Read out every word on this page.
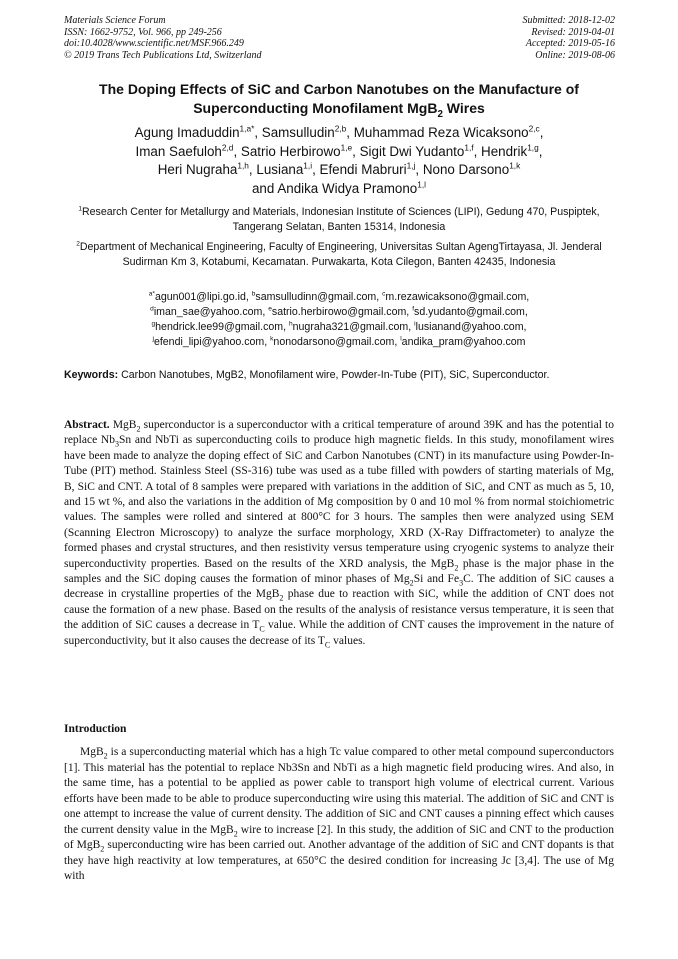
Materials Science Forum
ISSN: 1662-9752, Vol. 966, pp 249-256
doi:10.4028/www.scientific.net/MSF.966.249
© 2019 Trans Tech Publications Ltd, Switzerland
Submitted: 2018-12-02
Revised: 2019-04-01
Accepted: 2019-05-16
Online: 2019-08-06
The Doping Effects of SiC and Carbon Nanotubes on the Manufacture of
Superconducting Monofilament MgB$_2$ Wires
Agung Imaduddin$^{1,a*}$, Samsulludin$^{2,b}$, Muhammad Reza Wicaksono$^{2,c}$,
Iman Saefuloh$^{2,d}$, Satrio Herbirowo$^{1,e}$, Sigit Dwi Yudanto$^{1,f}$, Hendrik$^{1,g}$,
Heri Nugraha$^{1,h}$, Lusiana$^{1,i}$, Efendi Mabruri$^{1,j}$, Nono Darsono$^{1,k}$
and Andika Widya Pramono$^{1,l}$
$^1$Research Center for Metallurgy and Materials, Indonesian Institute of Sciences (LIPI), Gedung 470, Puspiptek, Tangerang Selatan, Banten 15314, Indonesia
$^2$Department of Mechanical Engineering, Faculty of Engineering, Universitas Sultan AgengTirtayasa, Jl. Jenderal Sudirman Km 3, Kotabumi, Kecamatan. Purwakarta, Kota Cilegon, Banten 42435, Indonesia
$^{a*}$agun001@lipi.go.id, $^b$samsulludinn@gmail.com, $^c$m.rezawicaksono@gmail.com,
$^d$iman_sae@yahoo.com, $^e$satrio.herbirowo@gmail.com, $^f$sd.yudanto@gmail.com,
$^g$hendrick.lee99@gmail.com, $^h$nugraha321@gmail.com, $^i$lusianand@yahoo.com,
$^j$efendi_lipi@yahoo.com, $^k$nonodarsono@gmail.com, $^l$andika_pram@yahoo.com
Keywords: Carbon Nanotubes, MgB2, Monofilament wire, Powder-In-Tube (PIT), SiC, Superconductor.
Abstract. MgB$_2$ superconductor is a superconductor with a critical temperature of around 39K and has the potential to replace $Nb_3Sn$ and NbTi as superconducting coils to produce high magnetic fields. In this study, monofilament wires have been made to analyze the doping effect of SiC and Carbon Nanotubes (CNT) in its manufacture using Powder-In-Tube (PIT) method. Stainless Steel (SS-316) tube was used as a tube filled with powders of starting materials of Mg, B, SiC and CNT. A total of 8 samples were prepared with variations in the addition of SiC, and CNT as much as 5, 10, and 15 wt %, and also the variations in the addition of Mg composition by 0 and 10 mol % from normal stoichiometric values. The samples were rolled and sintered at 800°C for 3 hours. The samples then were analyzed using SEM (Scanning Electron Microscopy) to analyze the surface morphology, XRD (X-Ray Diffractometer) to analyze the formed phases and crystal structures, and then resistivity versus temperature using cryogenic systems to analyze their superconductivity properties. Based on the results of the XRD analysis, the MgB$_2$ phase is the major phase in the samples and the SiC doping causes the formation of minor phases of $Mg_2Si$ and $Fe_3C$. The addition of SiC causes a decrease in crystalline properties of the MgB$_2$ phase due to reaction with SiC, while the addition of CNT does not cause the formation of a new phase. Based on the results of the analysis of resistance versus temperature, it is seen that the addition of SiC causes a decrease in $T_C$ value. While the addition of CNT causes the improvement in the nature of superconductivity, but it also causes the decrease of its $T_C$ values.
Introduction
MgB$_2$ is a superconducting material which has a high Tc value compared to other metal compound superconductors [1]. This material has the potential to replace Nb3Sn and NbTi as a high magnetic field producing wires. And also, in the same time, has a potential to be applied as power cable to transport high volume of electrical current. Various efforts have been made to be able to produce superconducting wire using this material. The addition of SiC and CNT is one attempt to increase the value of current density. The addition of SiC and CNT causes a pinning effect which causes the current density value in the MgB$_2$ wire to increase [2]. In this study, the addition of SiC and CNT to the production of MgB$_2$ superconducting wire has been carried out. Another advantage of the addition of SiC and CNT dopants is that they have high reactivity at low temperatures, at 650°C the desired condition for increasing Jc [3,4]. The use of Mg with
